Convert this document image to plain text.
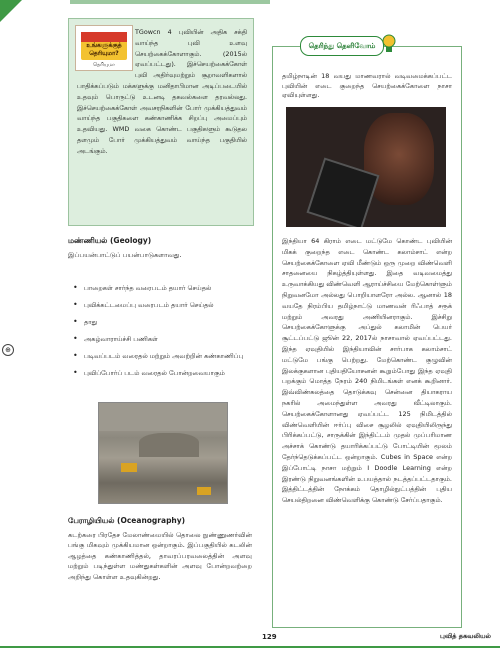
⊕
உங்களுக்குத் தெரியுமா?
தெரியுமா
TGowcn 4 புவியின் அதிக சக்தி வாய்ந்த புவி உளவு செயற்கைக்கோளாகும். (2015ல் ஏவப்பட்டது). இச்செயற்கைக்கோள் புவி அதிர்வுமற்றும் சூறாவளிகளால் பாதிக்கப்படும் மக்களுக்கு மனிதாபிமான அடிப்படையில் உதவும் பொருட்டு உடனடி தகவல்களை தரவல்லது. இச்செயற்கைக்கோள் அவசரநிகளின் போர் முக்கியத்துவம் வாய்ந்த பகுதிகளை கண்காணிக்க சிறப்பு அமைப்பும் உதவியது. WMD வகை கொண்ட பகுதிகளும் கூடுதல தளமும் போர் முக்கியத்துவம் வாய்ந்த பகுதியில் அடங்கும்.
மண்ணியல் (Geology)
இப்பயன்பாட்டுப் பயன்பாடுகளாவது.
• பாறைகள் சார்ந்த வரைபடம் தயார் செய்தல்
• புவிக்கட்டமைப்பு வரைபடம் தயார் செய்தல்
• தாது
• அகழ்வாராய்ச்சி பணிகள்
• படிவப்படம் வரைதல் மற்றும் அவற்றின் கண்காணிப்பு
• புவிப்போர்ப் படம் வரைதல் போன்றவையாகும்
பேராழியியல் (Oceanography)
கடற்கரை பிரதேச மேலாண்மையில் தொலை நுண்ணுணர்வின் பங்கு மிகவும் முக்கியமான ஒன்றாகும். இப்பகுதியில் கடலின் ஆழத்தை கண்காணித்தல், தாவரப்பரவலைத்தின் அளவு மற்றும் படிந்துள்ள மண்துகள்களின் அளவு போன்றவற்றை அறிந்து கொள்ள உதவுகின்றது.
தெரிந்து தெளிவோம்
தமிழ்நாடின் 18 வயது மாணவரால் வடிவமைக்கப்பட்ட புவியின் எடை குறைந்த செயற்கைக்கோளை நாசா ஏவியுள்ளது.
இந்தியா 64 கிராம் எடை மட்டுமே கொண்ட புவியின் மிகக் குறைந்த எடை கொண்ட கலாம்சாட் என்ற செயற்கைக்கோளை ஏவி மீண்டும் ஒரு முறை விண்வெளி சாதனையை நிகழ்த்தியுள்ளது. இதை வடிவமைத்து உருவாக்கியது விண்வெளி ஆராய்ச்சியை மேற்கொள்ளும் நிறுவனமோ அல்லது பொறியாளரோ அல்ல. ஆனால் 18 வயதே நிரம்பிய தமிழ்நாட்டு மாணவன் ரிஃபாத் சரூக் மற்றும் அவரது அணியினராகும். இச்சிறு செயற்கைக்கோளுக்கு அப்துல் கலாமின் பெயர் சூட்டப்பட்டு ஜூன் 22, 2017ல் நாசாவால் ஏவப்பட்டது. இந்த ஏவுதியில் இந்தியாவின் சார்பாக கலாம்சாட் மட்டுமே பங்கு பெற்றது. மேற்கொண்ட குழுவின் இலக்குகளான புதியதியோசனன் கூறும்போது இந்த ஏவுதி பறக்கும் மொத்த நேரம் 240 நிமிடங்கள் எனக் கூறினார். இவ்விண்கலத்தை தொடுக்கவு சென்னை தியாகராய நகரில் அமைந்துள்ள அவரது வீட்டிலாகும். செயற்கைக்கோளானது ஏவப்பட்ட 125 நிமிடத்தில் விண்வெளியின் ஈர்ப்பு விசை சூழலில் ஏவுதியிலிருந்து பிரிக்கப்பட்டு, சாருக்கின் இந்திட்டம் முதல் முப்பரிமாண அச்சாக் கொண்டு தயாரிக்கப்பட்டு போட்டியின் மூலம் தேர்ந்தெடுக்கப்பட்ட ஒன்றாகும். Cubes in Space என்ற இப்போட்டி நாசா மற்றும் I Doodle Learning என்ற இரண்டு நிறுவனங்களின் உபயத்தால் நடத்தப்பட்டதாகும். இத்திட்டத்தின் நோக்கம் தொழில்நுட்பத்தின் புதிய செயல்திறனை விண்வெளிக்கு கொண்டு சேர்ப்பதாகும்.
129	புவித் தகவலியல்
